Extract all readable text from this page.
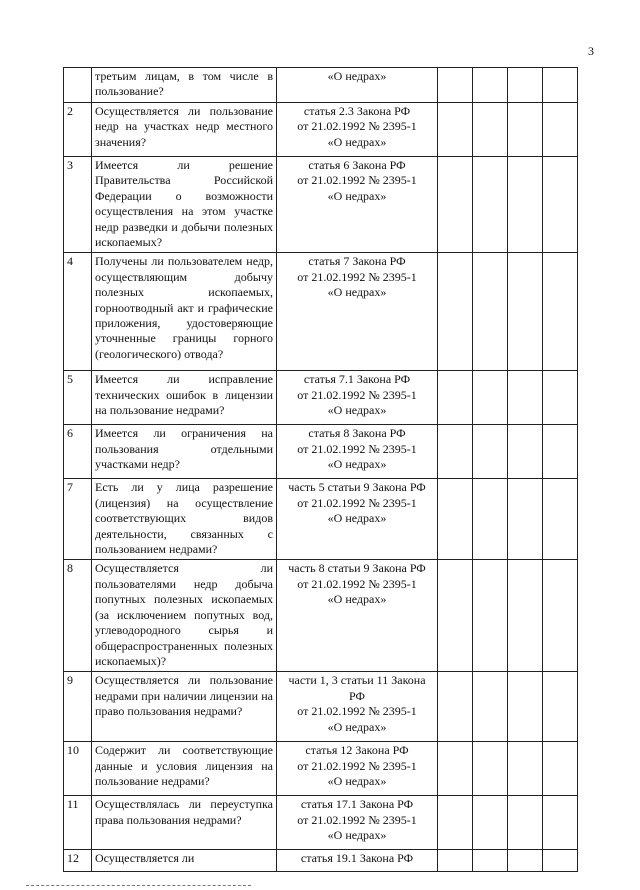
3
	третьим лицам, в том числе в пользование?	«О недрах»				

2	Осуществляется ли пользование недр на участках недр местного значения?	статья 2.3 Закона РФ
от 21.02.1992 № 2395-1
«О недрах»				

3	Имеется ли решение Правительства Российской Федерации о возможности осуществления на этом участке недр разведки и добычи полезных ископаемых?	статья 6 Закона РФ
от 21.02.1992 № 2395-1
«О недрах»				

4	Получены ли пользователем недр, осуществляющим добычу полезных ископаемых, горноотводный акт и графические приложения, удостоверяющие уточненные границы горного (геологического) отвода?	статья 7 Закона РФ
от 21.02.1992 № 2395-1
«О недрах»				

5	Имеется ли исправление технических ошибок в лицензии на пользование недрами?	статья 7.1 Закона РФ
от 21.02.1992 № 2395-1
«О недрах»				

6	Имеется ли ограничения на пользования отдельными участками недр?	статья 8 Закона РФ
от 21.02.1992 № 2395-1
«О недрах»				

7	Есть ли у лица разрешение (лицензия) на осуществление соответствующих видов деятельности, связанных с пользованием недрами?	часть 5 статьи 9 Закона РФ
от 21.02.1992 № 2395-1
«О недрах»				

8	Осуществляется ли пользователями недр добыча попутных полезных ископаемых (за исключением попутных вод, углеводородного сырья и общераспространенных полезных ископаемых)?	часть 8 статьи 9 Закона РФ
от 21.02.1992 № 2395-1
«О недрах»				

9	Осуществляется ли пользование недрами при наличии лицензии на право пользования недрами?	части 1, 3 статьи 11 Закона
РФ
от 21.02.1992 № 2395-1
«О недрах»				

10	Содержит ли соответствующие данные и условия лицензия на пользование недрами?	статья 12 Закона РФ
от 21.02.1992 № 2395-1
«О недрах»				

11	Осуществлялась ли переуступка права пользования недрами?	статья 17.1 Закона РФ
от 21.02.1992 № 2395-1
«О недрах»				

12	Осуществляется ли	статья 19.1 Закона РФ				
